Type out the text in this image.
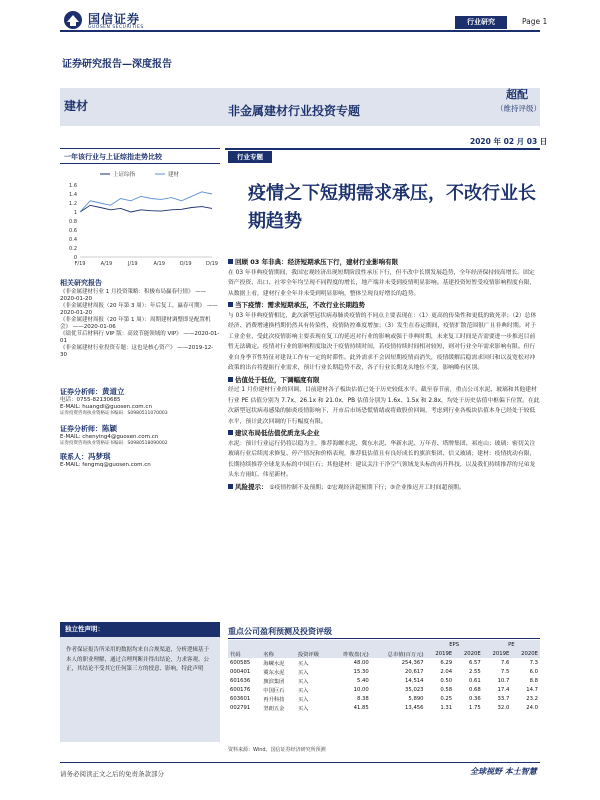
国信证券
GUOSEN SECURITIES
行业研究	Page 1
证券研究报告—深度报告
建材	非金属建材行业投资专题
超配
（维持评级）
2020 年 02 月 03 日
一年该行业与上证综指走势比较
上证综指	建材
0
0.2
0.4
0.6
0.8
1
1.2
1.4
1.6
F/19	A/19	J/19	A/19	O/19	D/19
行业专题
疫情之下短期需求承压，不改行业长期趋势
相关研究报告

《非金属建材行业 1 月投资策略：积极布局赢春行情》 ——2020-01-20

《非金属建材周报（20 年第 3 周）：年后复工，赢春可期》 ——2020-01-20

《非金属建材周报（20 年第 1 周）：周期建材调整即是配置机会》 ——2020-01-06

《绩优节后材料行 VIP 版：高效节能领域的 VIP》 ——2020-01-01

《非金属建材行业投资专题：这也是核心资产》 ——2019-12-30

证券分析师：黄道立

电话：0755-82130685

E-MAIL: huangdl@guosen.com.cn

证券投资咨询执业资格证书编码：S0980511070003

证券分析师：陈颖

E-MAIL: chenying4@guosen.com.cn

证券投资咨询执业资格证书编码：S0980518090002

联系人：冯梦琪

E-MAIL: fengmq@guosen.com.cn

独立性声明：
作者保证报告所采用的数据均来自合规渠道，分析逻辑基于本人的职业理解，通过合理判断并得出结论，力求客观、公正，其结论不受其它任何第三方的授意、影响，特此声明
回顾 03 年非典：经济短期承压下行，建材行业影响有限

在 03 年非典疫情期间，我国宏观经济出现短期阶段性承压下行，但不改中长期发展趋势，全年经济保持较高增长。固定资产投资、出口、社零全年均呈现不同程度的增长，地产端并未受到疫情明显影响。基建投资短暂受疫情影响程度有限，从数据上看，建材行业全年并未受到明显影响，整体呈现良好增长的趋势。

当下疫情：需求短期承压，不改行业长期趋势

与 03 年非典疫情相比，此次新型冠状病毒肺炎疫情的不同点主要表现在：（1）更高的传染性和更低的致死率；（2）总体经济、消费增速换档期仍然具有传染性，疫情防控难度增加；（3）发生在春运期间，疫情扩散范围很广且非典时期。对于工业企业、受此次疫情影响主要表现在复工的延迟对行业的影响或强于非典时期，未来复工时间是否需要进一步推迟目前暂无法确定。疫情对行业的影响程度取决于疫情持续时间，若疫情持续时间相对较短，则对行业全年需求影响有限。但行业自身季节性特征对建设工作有一定的时滞性。此外需求不会因短期疫情而消失，疫情缓解后稳需求回归和以及宽松对冲政策的出台将提振行业需求，预计行业长期趋势不改，各子行业长期龙头地位不变，影响略有区别。

估值处于低位，下调幅度有限

经过 1 月份建材行业的回调，目前建材各子板块估值已处于历史较低水平。截至春节前，重点公司水泥、玻璃和其他建材行业 PE 估值分别为 7.7x、26.1x 和 21.0x，PB 估值分别为 1.6x、1.5x 和 2.8x，均处于历史估值中枢偏下位置。在此次新型冠状病毒感染的肺炎疫情影响下，开市后市场恐慌情绪或将致股价回调，考虑到行业各板块估值本身已经处于较低水平，预计此次回调的下行幅度有限。

建议布局低估值优质龙头企业

水泥：预计行业运行仍将以稳为主，推荐海螺水泥、冀东水泥、华新水泥、万年青、塔牌集团、祁连山；玻璃：密切关注玻璃行业后续需求修复、停产情况和价格表现，推荐低估值且有良好成长的旗滨集团、信义玻璃；建材：疫情扰动有限，长期持续推荐全球龙头标的中国巨石；其他建材：建议关注于净空气领域龙头标的再升科技，以及我们持续推荐的兄弟龙头东方雨虹、伟星新材。

风险提示： ①疫情控制不及预期；②宏观经济超预期下行；③企业推迟开工时间超预期。
重点公司盈利预测及投资评级
					EPS		PE	
代码	名称	投资评级	昨收盘(元)	总市值(百万元)	2019E	2020E	2019E	2020E
600585	海螺水泥	买入	48.00	254,367	6.29	6.57	7.6	7.3
000401	冀东水泥	买入	15.30	20,617	2.04	2.55	7.5	6.0
601636	旗滨集团	买入	5.40	14,514	0.50	0.61	10.7	8.8
600176	中国巨石	买入	10.00	35,023	0.58	0.68	17.4	14.7
603601	再升科技	买入	8.38	5,890	0.25	0.36	33.7	23.2
002791	坚朗五金	买入	41.85	13,456	1.31	1.75	32.0	24.0
资料来源：Wind、国信证券经济研究所预测
请务必阅读正文之后的免责条款部分	全球视野 本土智慧
